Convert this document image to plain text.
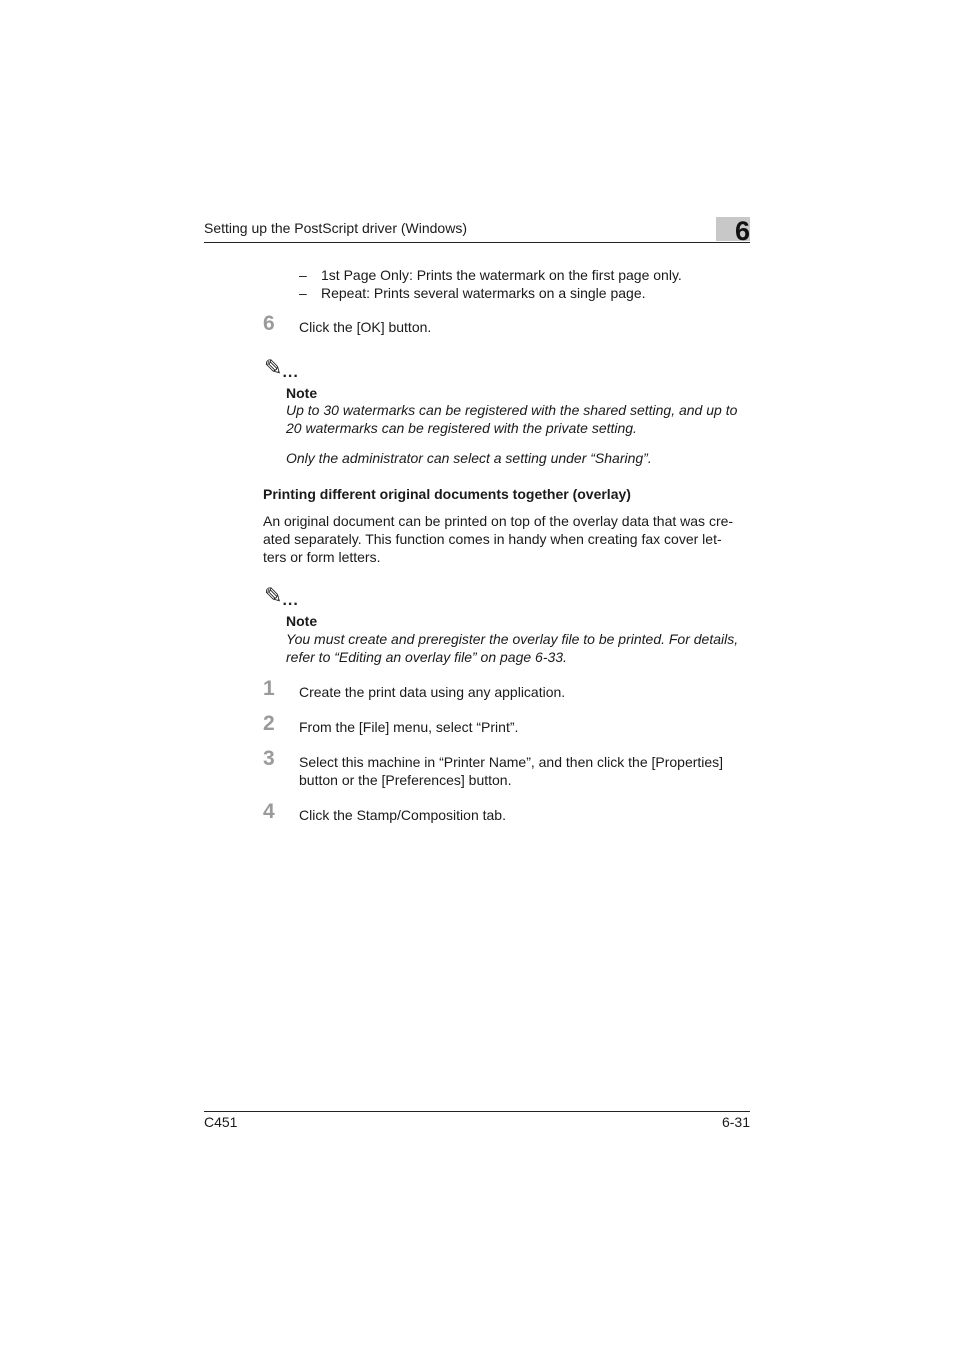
Setting up the PostScript driver (Windows)	6
– 1st Page Only: Prints the watermark on the first page only.
– Repeat: Prints several watermarks on a single page.
6 Click the [OK] button.
✎...
Note
Up to 30 watermarks can be registered with the shared setting, and up to
20 watermarks can be registered with the private setting.
Only the administrator can select a setting under “Sharing”.
Printing different original documents together (overlay)
An original document can be printed on top of the overlay data that was cre-
ated separately. This function comes in handy when creating fax cover let-
ters or form letters.
✎...
Note
You must create and preregister the overlay file to be printed. For details,
refer to “Editing an overlay file” on page 6-33.
1 Create the print data using any application.
2 From the [File] menu, select “Print”.
3 Select this machine in “Printer Name”, and then click the [Properties]
button or the [Preferences] button.
4 Click the Stamp/Composition tab.
C451	6-31
